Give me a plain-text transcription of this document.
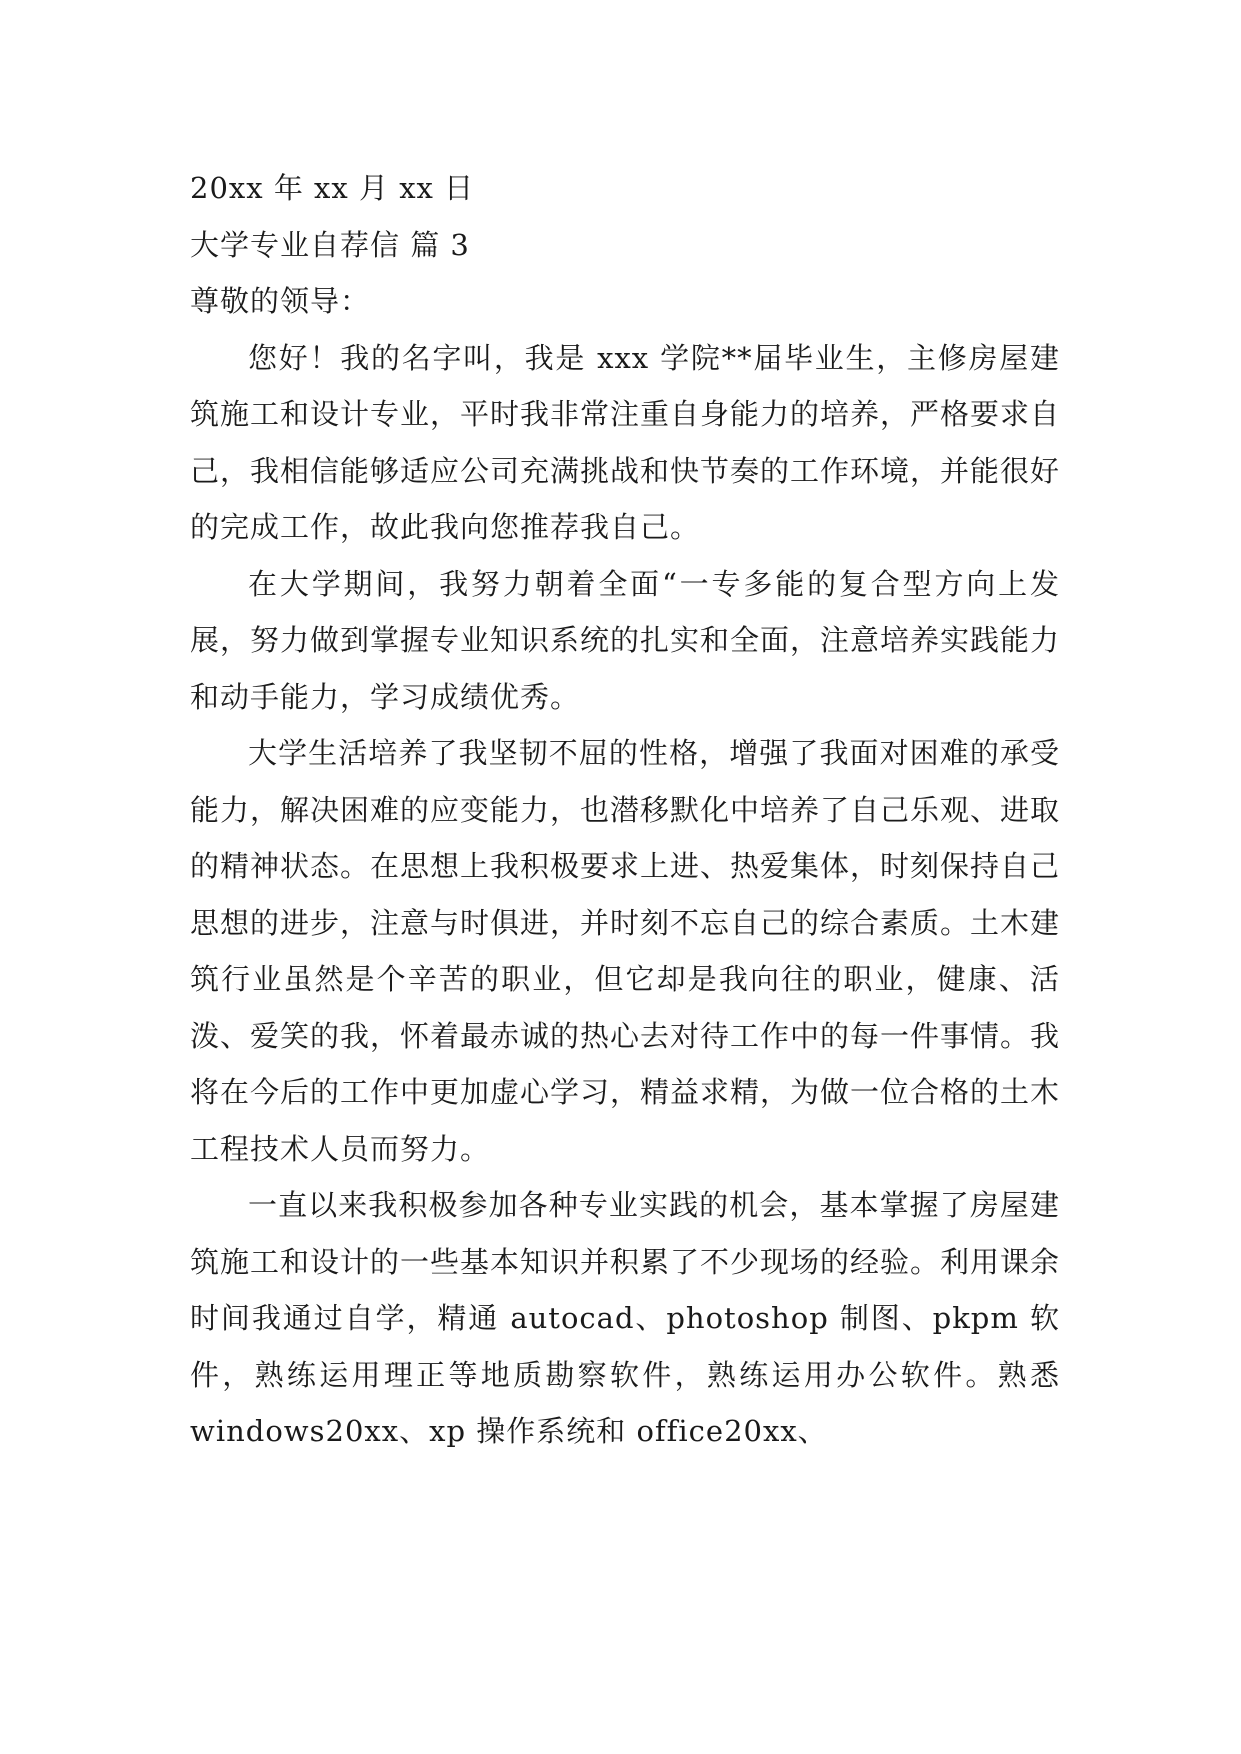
20xx 年 xx 月 xx 日
大学专业自荐信 篇 3
尊敬的领导：

您好！我的名字叫，我是 xxx 学院**届毕业生，主修房屋建筑施工和设计专业，平时我非常注重自身能力的培养，严格要求自己，我相信能够适应公司充满挑战和快节奏的工作环境，并能很好的完成工作，故此我向您推荐我自己。

在大学期间，我努力朝着全面“一专多能的复合型方向上发展，努力做到掌握专业知识系统的扎实和全面，注意培养实践能力和动手能力，学习成绩优秀。

大学生活培养了我坚韧不屈的性格，增强了我面对困难的承受能力，解决困难的应变能力，也潜移默化中培养了自己乐观、进取的精神状态。在思想上我积极要求上进、热爱集体，时刻保持自己思想的进步，注意与时俱进，并时刻不忘自己的综合素质。土木建筑行业虽然是个辛苦的职业，但它却是我向往的职业，健康、活泼、爱笑的我，怀着最赤诚的热心去对待工作中的每一件事情。我将在今后的工作中更加虚心学习，精益求精，为做一位合格的土木工程技术人员而努力。

一直以来我积极参加各种专业实践的机会，基本掌握了房屋建筑施工和设计的一些基本知识并积累了不少现场的经验。利用课余时间我通过自学，精通 autocad、photoshop 制图、pkpm 软件，熟练运用理正等地质勘察软件，熟练运用办公软件。熟悉 windows20xx、xp 操作系统和 office20xx、
